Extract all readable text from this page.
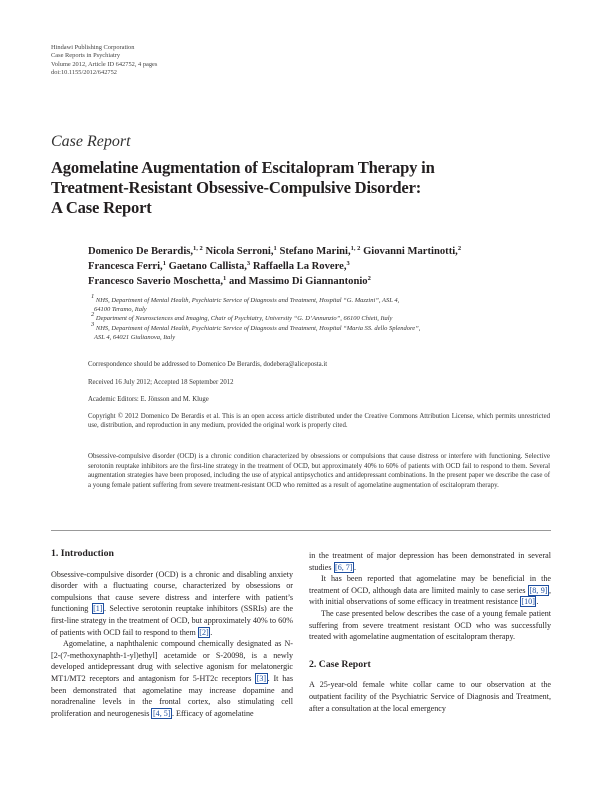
Hindawi Publishing Corporation
Case Reports in Psychiatry
Volume 2012, Article ID 642752, 4 pages
doi:10.1155/2012/642752
Case Report
Agomelatine Augmentation of Escitalopram Therapy in
Treatment-Resistant Obsessive-Compulsive Disorder:
A Case Report
Domenico De Berardis,$^{1, 2}$ Nicola Serroni,$^1$ Stefano Marini,$^{1, 2}$ Giovanni Martinotti,$^2$
Francesca Ferri,$^1$ Gaetano Callista,$^3$ Raffaella La Rovere,$^3$
Francesco Saverio Moschetta,$^1$ and Massimo Di Giannantonio$^2$
$^1$ NHS, Department of Mental Health, Psychiatric Service of Diagnosis and Treatment, Hospital “G. Mazzini”, ASL 4,
64100 Teramo, Italy
$^2$ Department of Neurosciences and Imaging, Chair of Psychiatry, University “G. D’Annunzio”, 66100 Chieti, Italy
$^3$ NHS, Department of Mental Health, Psychiatric Service of Diagnosis and Treatment, Hospital “Maria SS. dello Splendore”,
ASL 4, 64021 Giulianova, Italy
Correspondence should be addressed to Domenico De Berardis, dodebera@aliceposta.it
Received 16 July 2012; Accepted 18 September 2012
Academic Editors: E. Jönsson and M. Kluge
Copyright © 2012 Domenico De Berardis et al. This is an open access article distributed under the Creative Commons Attribution License, which permits unrestricted use, distribution, and reproduction in any medium, provided the original work is properly cited.
Obsessive-compulsive disorder (OCD) is a chronic condition characterized by obsessions or compulsions that cause distress or interfere with functioning. Selective serotonin reuptake inhibitors are the first-line strategy in the treatment of OCD, but approximately 40% to 60% of patients with OCD fail to respond to them. Several augmentation strategies have been proposed, including the use of atypical antipsychotics and antidepressant combinations. In the present paper we describe the case of a young female patient suffering from severe treatment-resistant OCD who remitted as a result of agomelatine augmentation of escitalopram therapy.
1. Introduction

Obsessive-compulsive disorder (OCD) is a chronic and disabling anxiety disorder with a fluctuating course, characterized by obsessions or compulsions that cause severe distress and interfere with patient’s functioning [1] . Selective serotonin reuptake inhibitors (SSRIs) are the first-line strategy in the treatment of OCD, but approximately 40% to 60% of patients with OCD fail to respond to them [2] .

Agomelatine, a naphthalenic compound chemically designated as N-[2-(7-methoxynaphth-1-yl)ethyl] acetamide or S-20098, is a newly developed antidepressant drug with selective agonism for melatonergic MT1/MT2 receptors and antagonism for 5-HT2c receptors [3] . It has been demonstrated that agomelatine may increase dopamine and noradrenaline levels in the frontal cortex, also stimulating cell proliferation and neurogenesis [4, 5] . Efficacy of agomelatine

in the treatment of major depression has been demonstrated in several studies [6, 7] .

It has been reported that agomelatine may be beneficial in the treatment of OCD, although data are limited mainly to case series [8, 9] , with initial observations of some efficacy in treatment resistance [10] .

The case presented below describes the case of a young female patient suffering from severe treatment resistant OCD who was successfully treated with agomelatine augmentation of escitalopram therapy.

2. Case Report

A 25-year-old female white collar came to our observation at the outpatient facility of the Psychiatric Service of Diagnosis and Treatment, after a consultation at the local emergency
